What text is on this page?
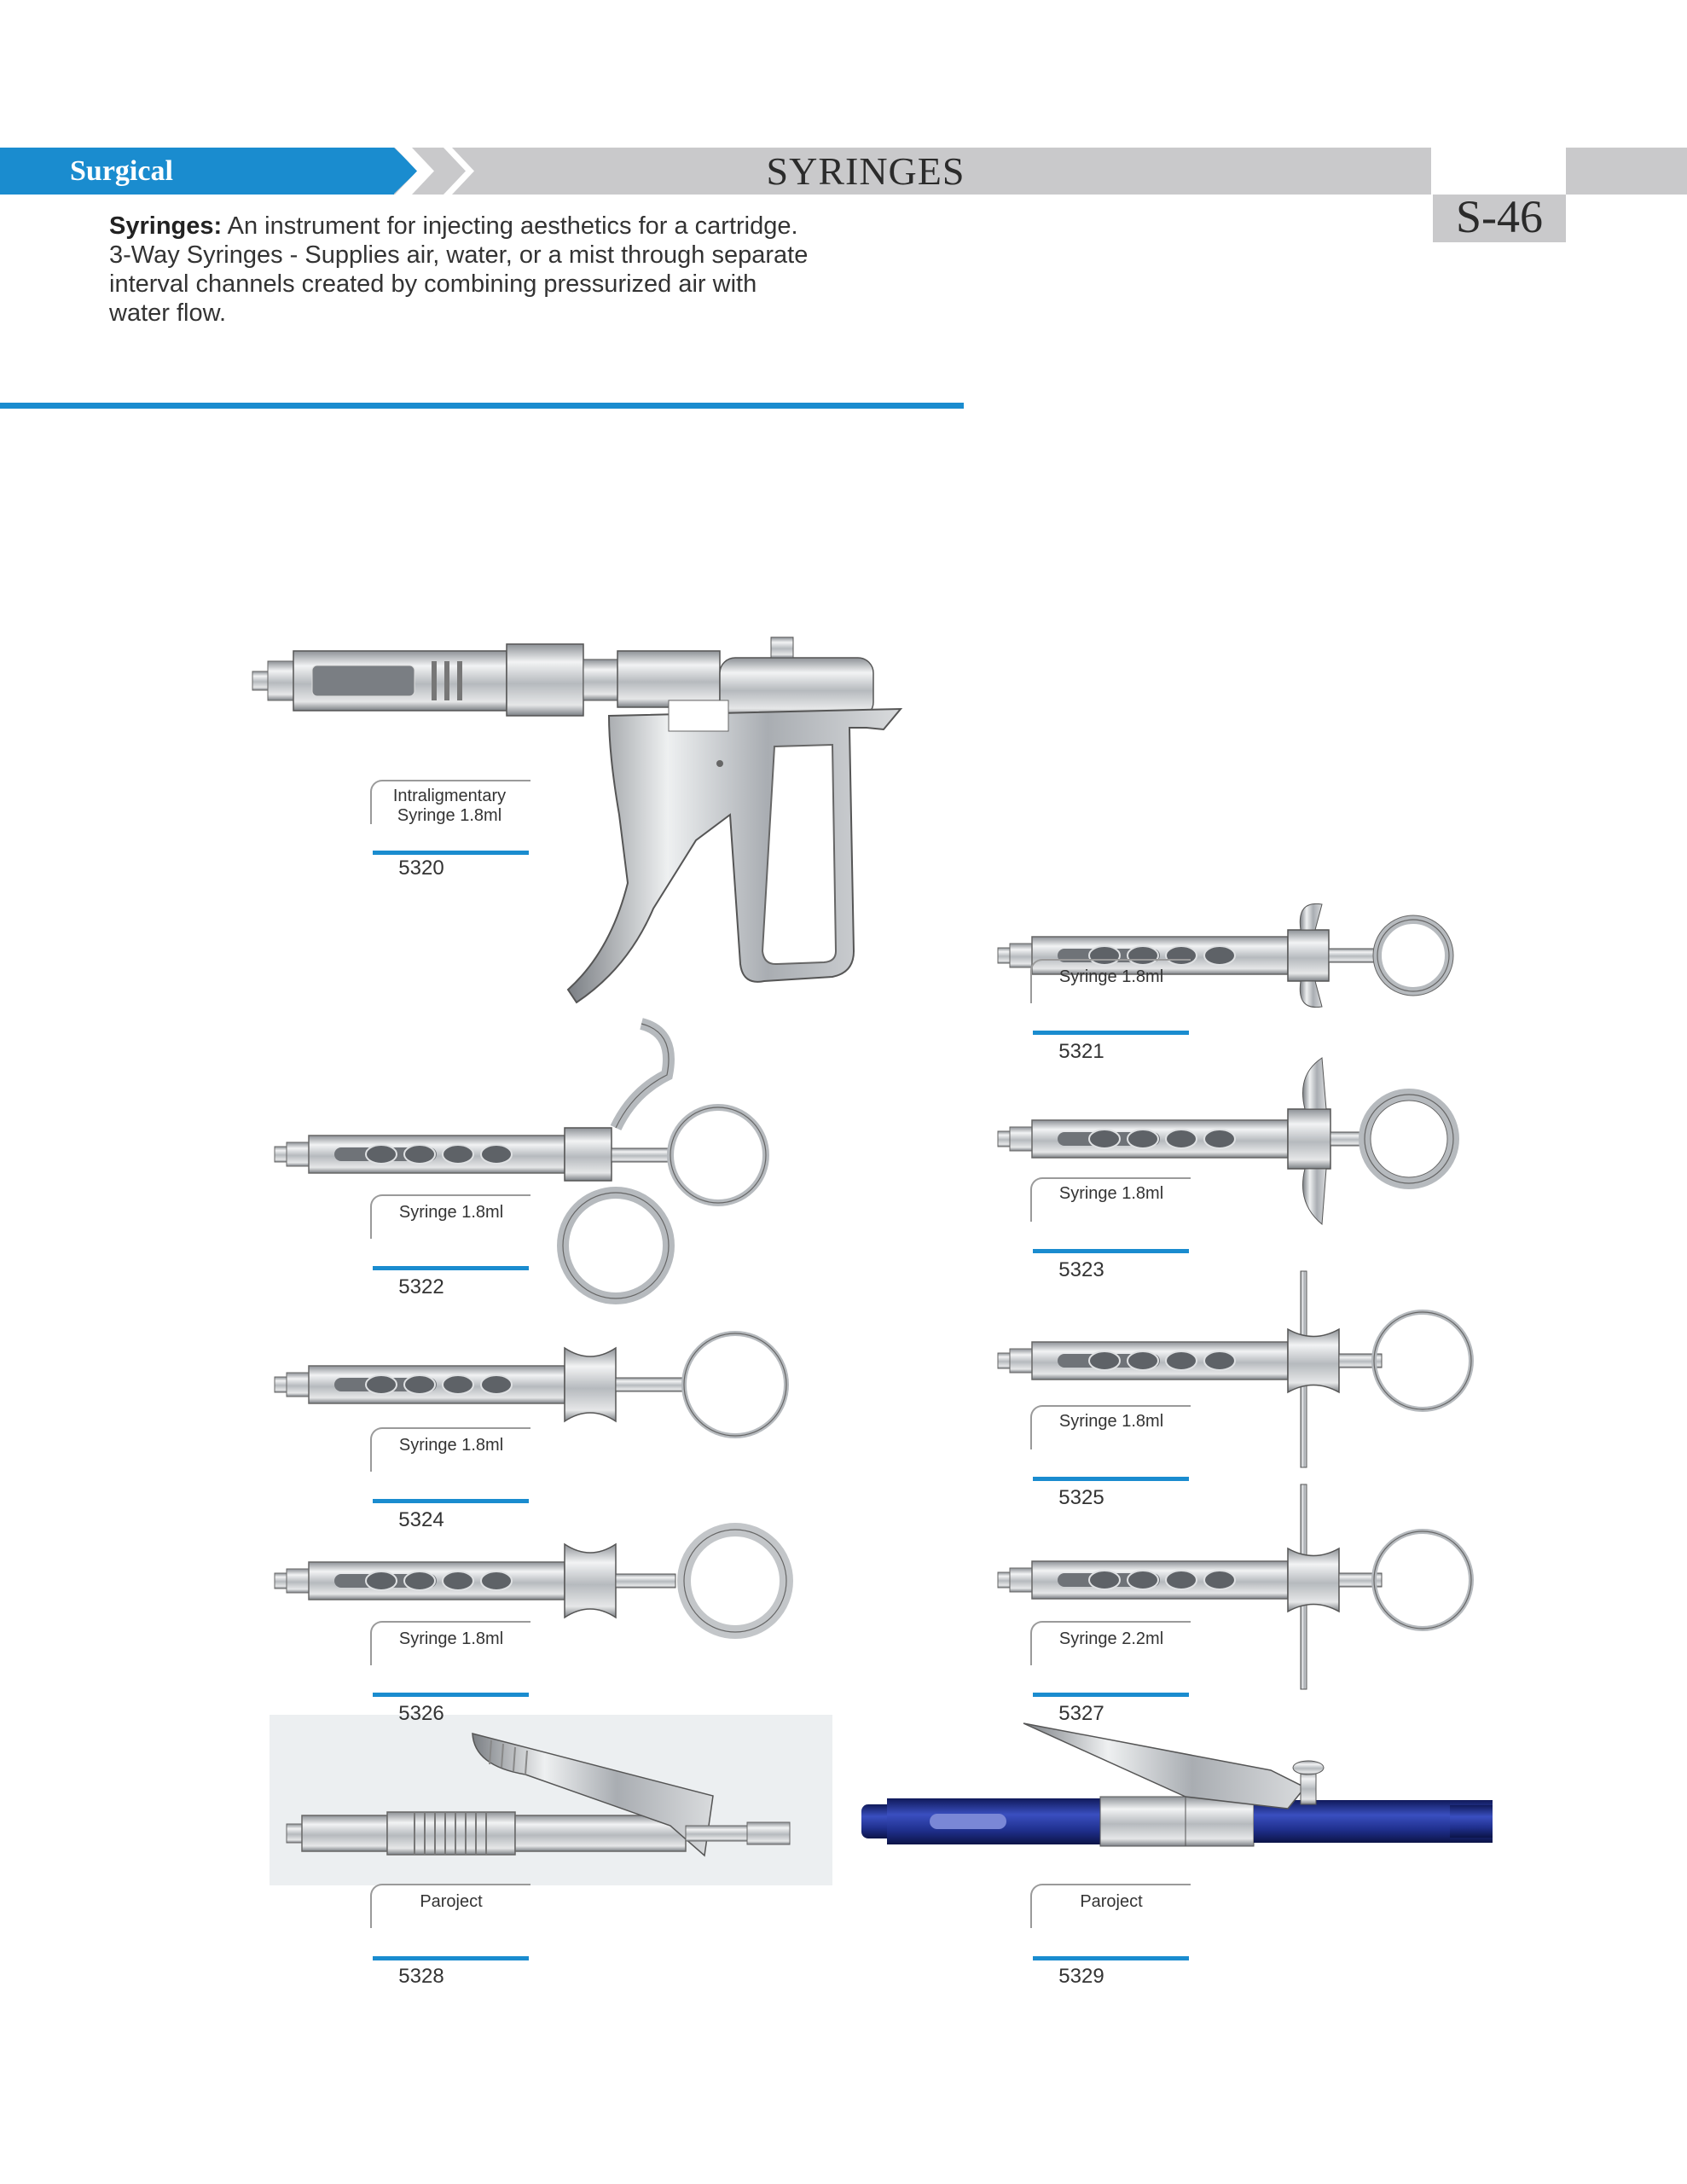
Surgical	SYRINGES
S-46

Syringes: An instrument for injecting aesthetics for a cartridge.

3-Way Syringes - Supplies air, water, or a mist through separate

interval channels created by combining pressurized air with

water flow.

Intraligmentary Syringe 1.8ml
5320
Syringe 1.8ml
5321
Syringe 1.8ml
5322
Syringe 1.8ml
5323
Syringe 1.8ml
5324
Syringe 1.8ml
5325
Syringe 1.8ml
5326
Syringe 2.2ml
5327
Paroject
5328
Paroject
5329
